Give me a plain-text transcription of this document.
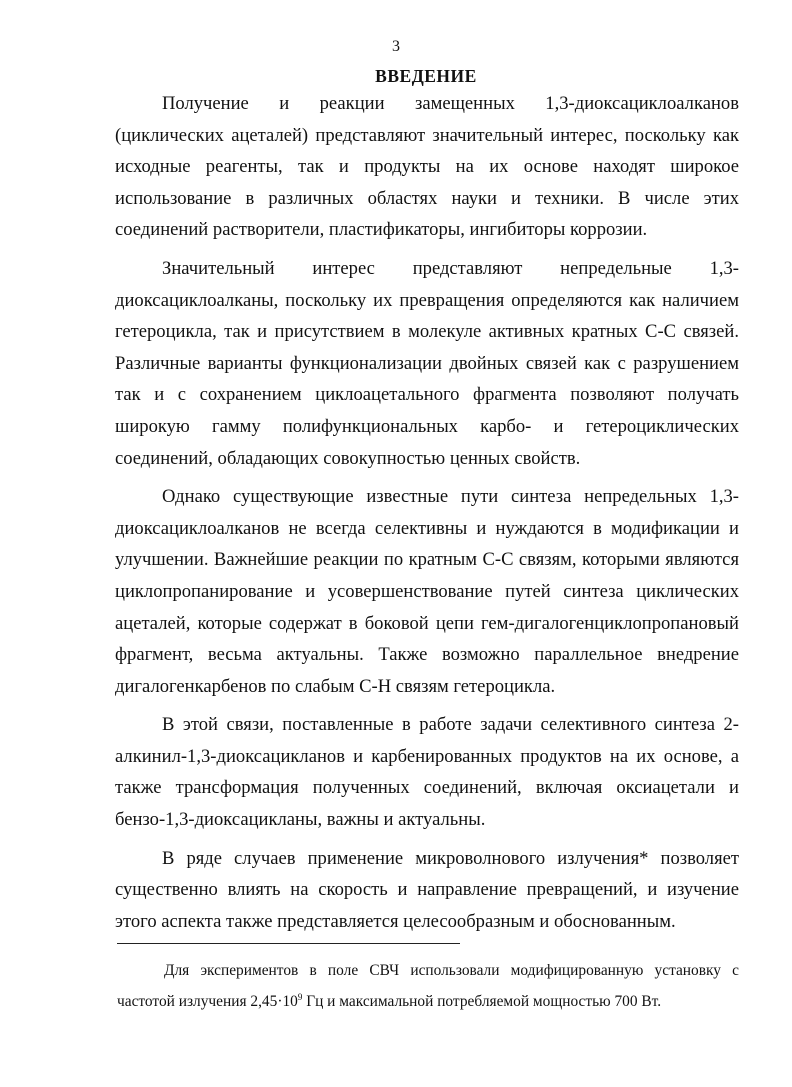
3
ВВЕДЕНИЕ

Получение и реакции замещенных 1,3-диоксациклоалканов (циклических ацеталей) представляют значительный интерес, поскольку как исходные реагенты, так и продукты на их основе находят широкое использование в различных областях науки и техники. В числе этих соединений растворители, пластификаторы, ингибиторы коррозии.

Значительный интерес представляют непредельные 1,3-диоксациклоалканы, поскольку их превращения определяются как наличием гетероцикла, так и присутствием в молекуле активных кратных С-С связей. Различные варианты функционализации двойных связей как с разрушением так и с сохранением циклоацетального фрагмента позволяют получать широкую гамму полифункциональных карбо- и гетероциклических соединений, обладающих совокупностью ценных свойств.

Однако существующие известные пути синтеза непредельных 1,3-диоксациклоалканов не всегда селективны и нуждаются в модификации и улучшении. Важнейшие реакции по кратным С-С связям, которыми являются циклопропанирование и усовершенствование путей синтеза циклических ацеталей, которые содержат в боковой цепи гем-дигалогенциклопропановый фрагмент, весьма актуальны. Также возможно параллельное внедрение дигалогенкарбенов по слабым С-Н связям гетероцикла.

В этой связи, поставленные в работе задачи селективного синтеза 2-алкинил-1,3-диоксацикланов и карбенированных продуктов на их основе, а также трансформация полученных соединений, включая оксиацетали и бензо-1,3-диоксацикланы, важны и актуальны.

В ряде случаев применение микроволнового излучения* позволяет существенно влиять на скорость и направление превращений, и изучение этого аспекта также представляется целесообразным и обоснованным.

Для экспериментов в поле СВЧ использовали модифицированную установку с частотой излучения $2,45\cdot 10^9$ Гц и максимальной потребляемой мощностью 700 Вт.
